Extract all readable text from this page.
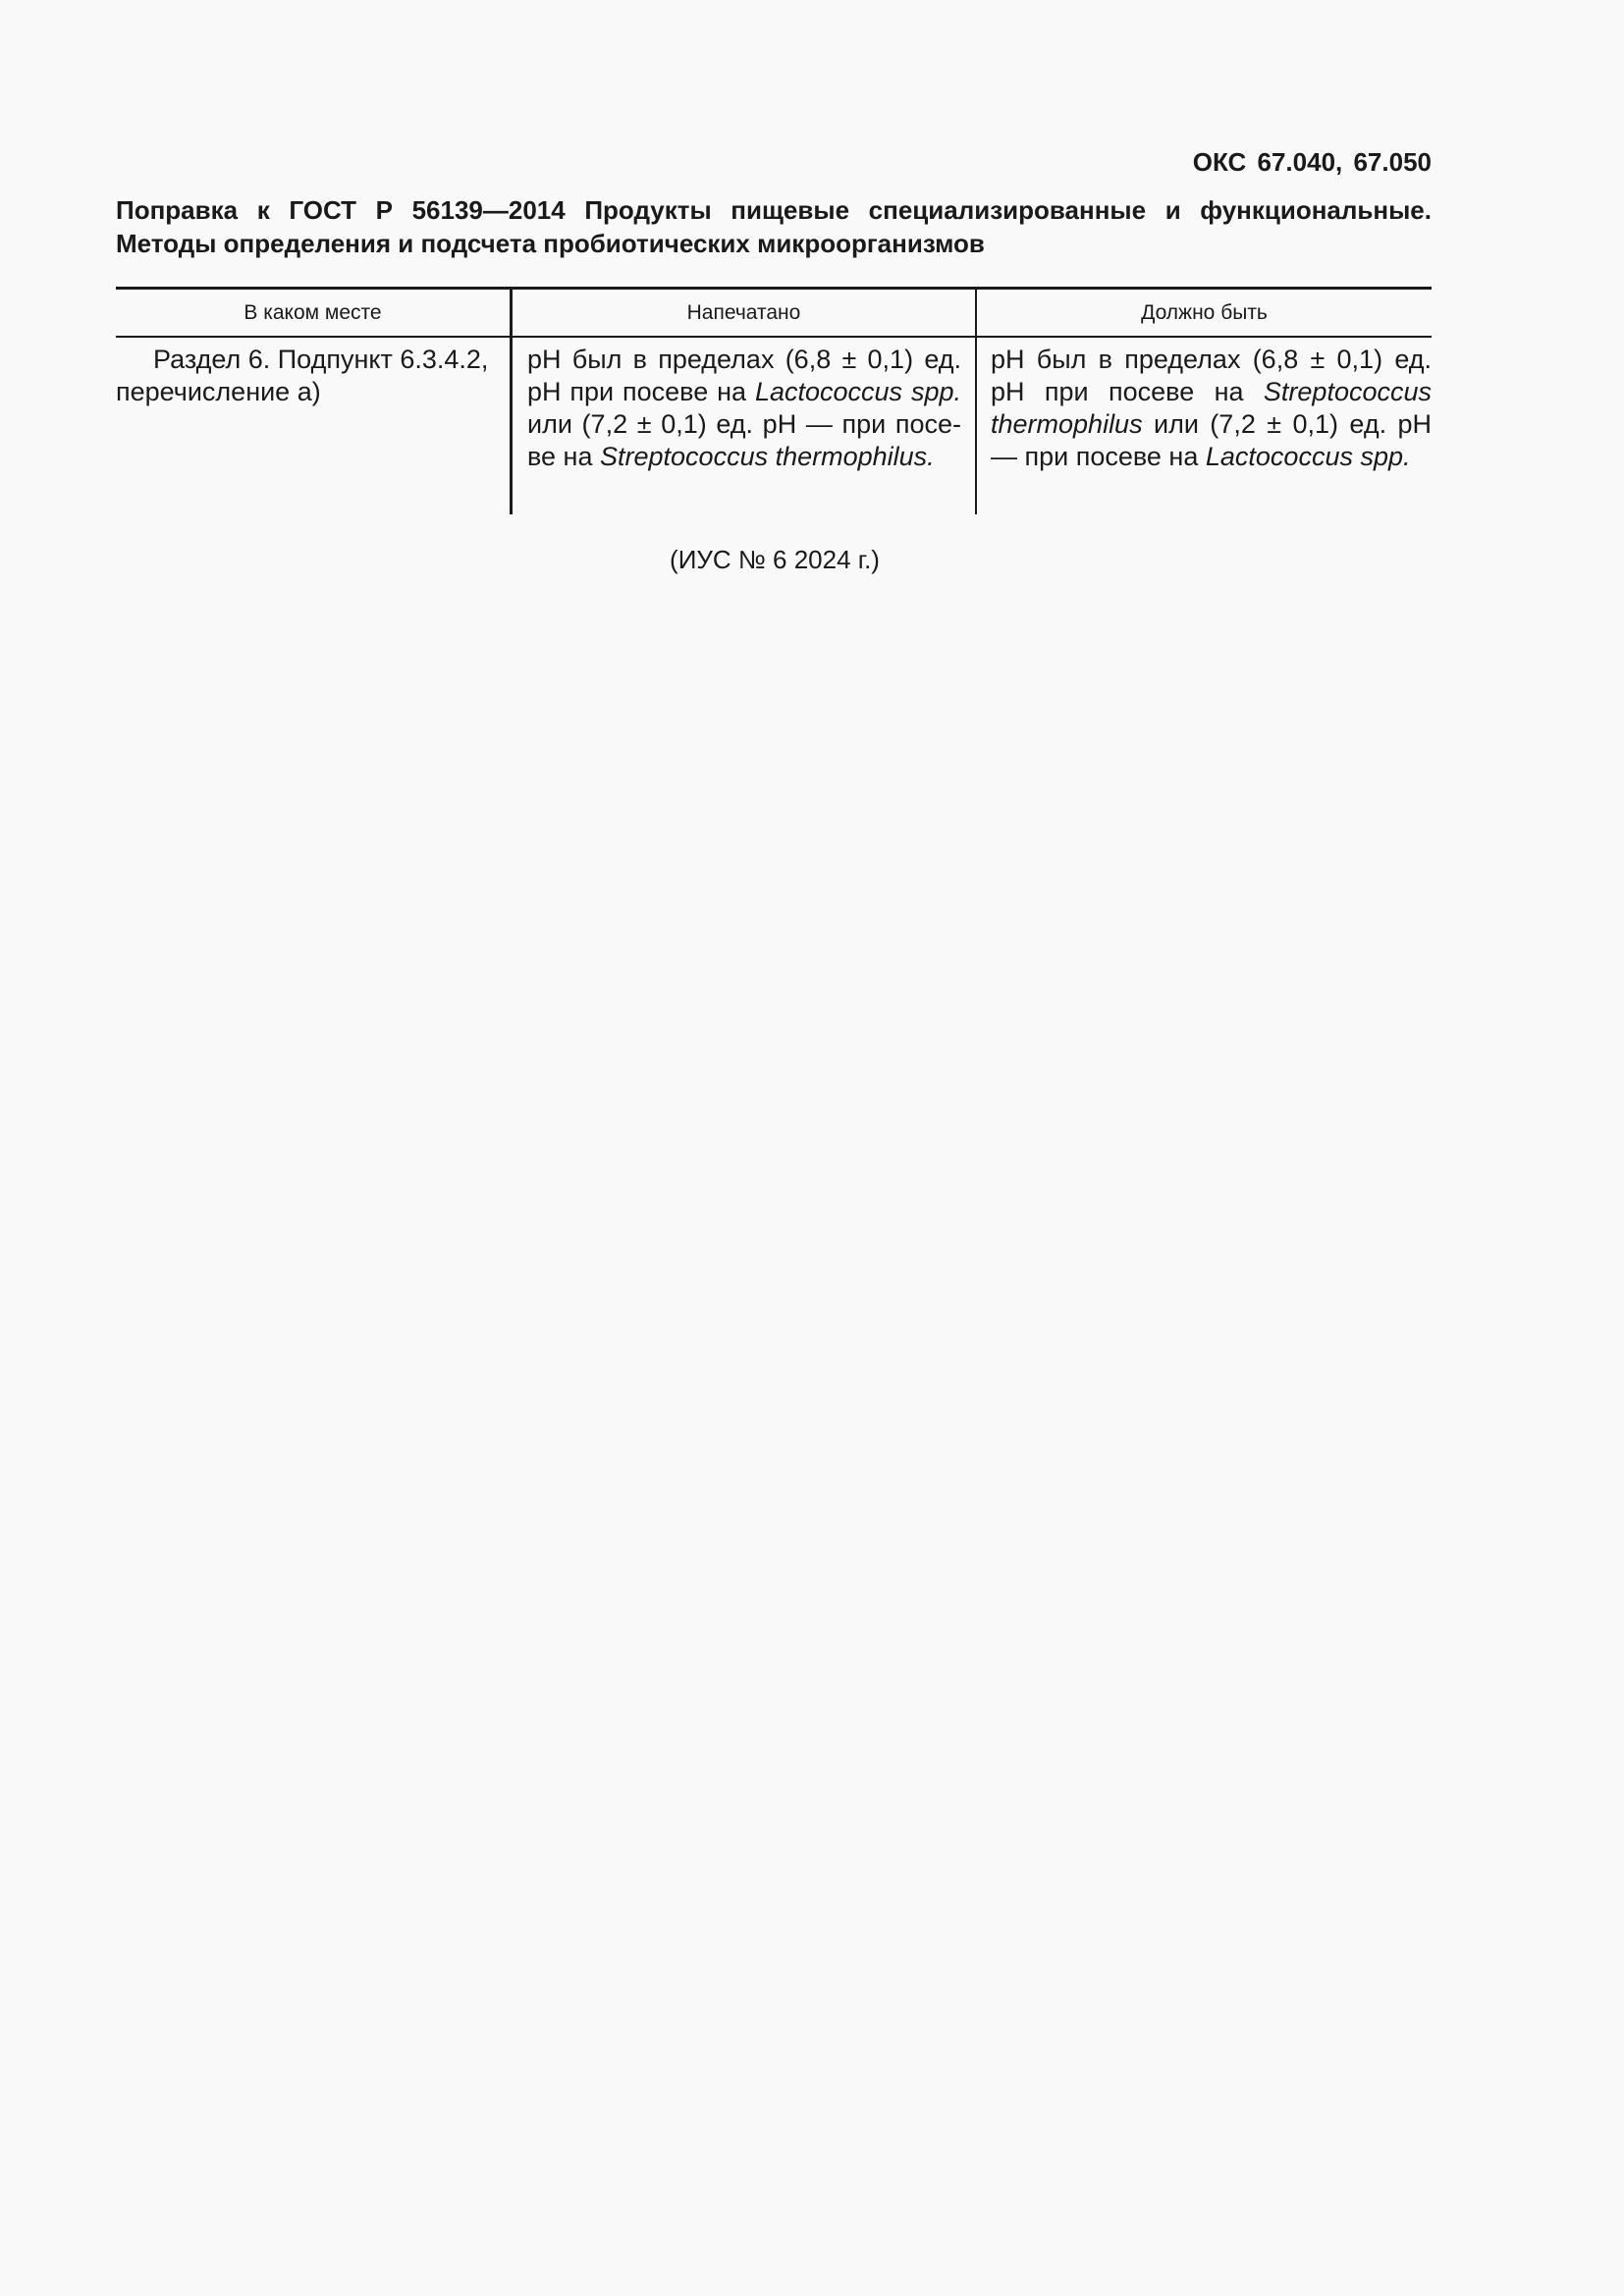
ОКС 67.040, 67.050
Поправка к ГОСТ Р 56139—2014 Продукты пищевые специализированные и функциональные.
Методы определения и подсчета пробиотических микроорганизмов
В каком месте	Напечатано	Должно быть
Раздел 6. Подпункт 6.3.4.2, перечисление а)
рН был в пределах (6,8 ± 0,1) ед. рН при посеве на Lactococcus spp. или (7,2 ± 0,1) ед. рН — при посеве на Streptococcus thermophilus.
рН был в пределах (6,8 ± 0,1) ед. рН при посеве на Streptococcus thermophilus или (7,2 ± 0,1) ед. рН — при посеве на Lactococcus spp.
(ИУС № 6 2024 г.)
